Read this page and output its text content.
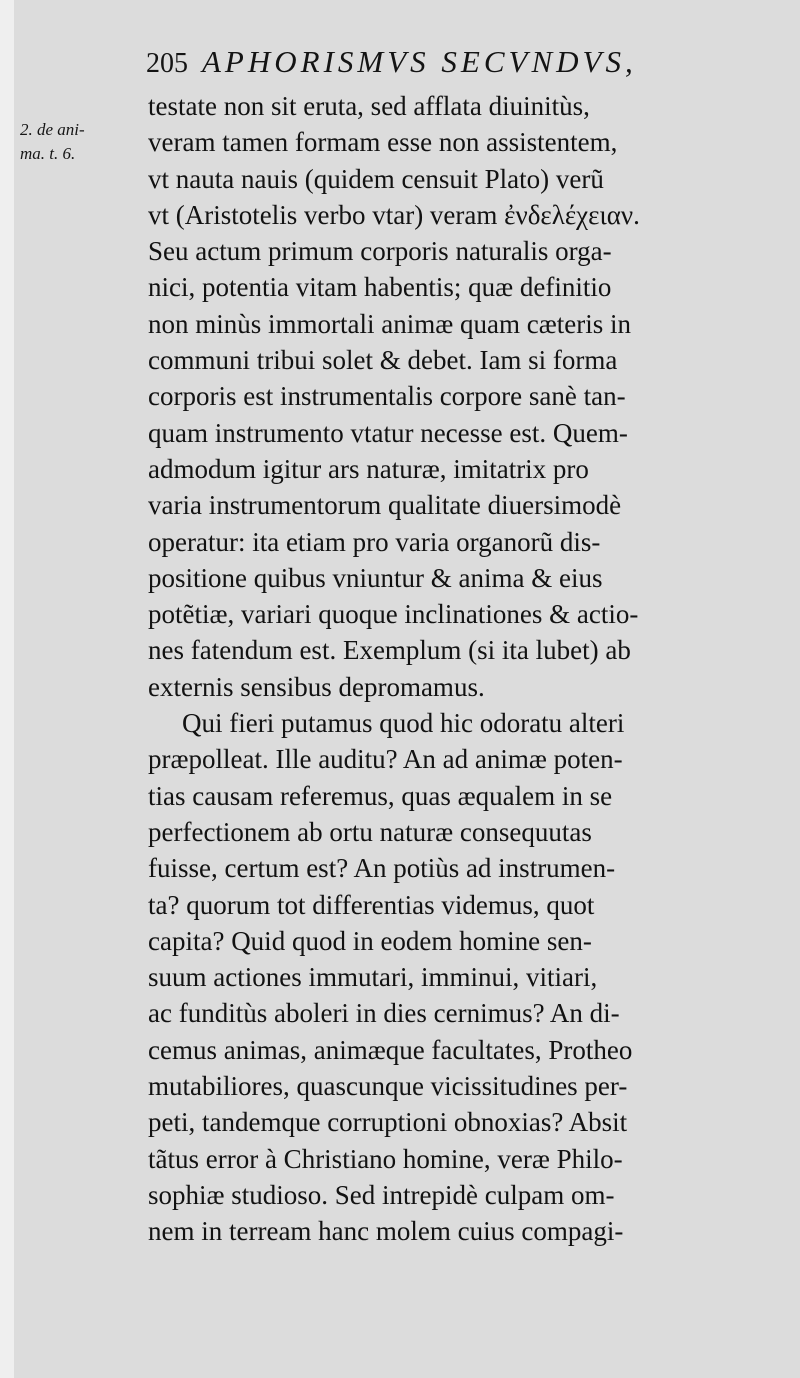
205 APHORISMVS SECVNDVS,
2. de ani-
ma. t. 6.
testate non sit eruta, sed afflata diuinitùs,
veram tamen formam esse non assistentem,
vt nauta nauis (quidem censuit Plato) verũ
vt (Aristotelis verbo vtar) veram ἐνδελέχειαν.
Seu actum primum corporis naturalis orga-
nici, potentia vitam habentis; quæ definitio
non minùs immortali animæ quam cæteris in
communi tribui solet & debet. Iam si forma
corporis est instrumentalis corpore sanè tan-
quam instrumento vtatur necesse est. Quem-
admodum igitur ars naturæ, imitatrix pro
varia instrumentorum qualitate diuersimodè
operatur: ita etiam pro varia organorũ dis-
positione quibus vniuntur & anima & eius
potẽtiæ, variari quoque inclinationes & actio-
nes fatendum est. Exemplum (si ita lubet) ab
externis sensibus depromamus.
Qui fieri putamus quod hic odoratu alteri
præpolleat. Ille auditu? An ad animæ poten-
tias causam referemus, quas æqualem in se
perfectionem ab ortu naturæ consequutas
fuisse, certum est? An potiùs ad instrumen-
ta? quorum tot differentias videmus, quot
capita? Quid quod in eodem homine sen-
suum actiones immutari, imminui, vitiari,
ac funditùs aboleri in dies cernimus? An di-
cemus animas, animæque facultates, Protheo
mutabiliores, quascunque vicissitudines per-
peti, tandemque corruptioni obnoxias? Absit
tãtus error à Christiano homine, veræ Philo-
sophiæ studioso. Sed intrepidè culpam om-
nem in terream hanc molem cuius compagi-
